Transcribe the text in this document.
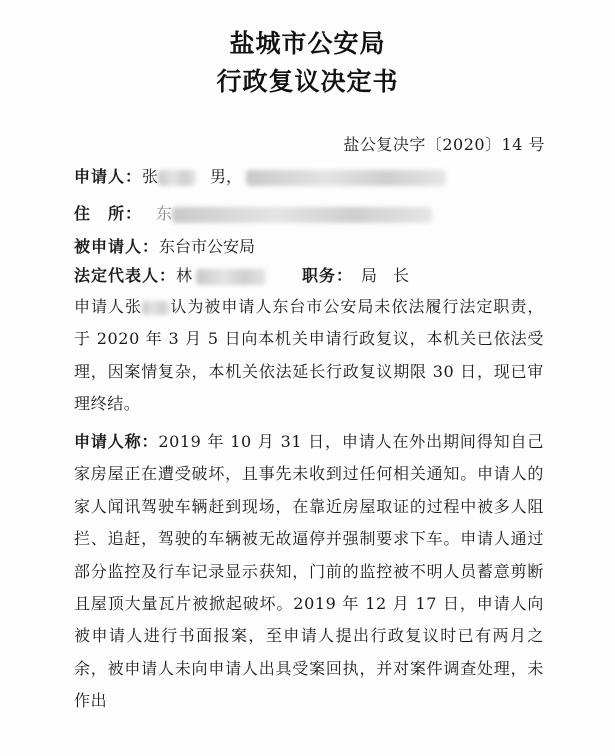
盐城市公安局
行政复议决定书
盐公复决字〔2020〕14 号
申请人：张	男，
住　所： 东
被申请人：东台市公安局
法定代表人：林	职务： 局　长
申请人张 认为被申请人东台市公安局未依法履行法定职责，于 2020 年 3 月 5 日向本机关申请行政复议，本机关已依法受理，因案情复杂，本机关依法延长行政复议期限 30 日，现已审理终结。
申请人称：2019 年 10 月 31 日，申请人在外出期间得知自己家房屋正在遭受破坏，且事先未收到过任何相关通知。申请人的家人闻讯驾驶车辆赶到现场，在靠近房屋取证的过程中被多人阻拦、追赶，驾驶的车辆被无故逼停并强制要求下车。申请人通过部分监控及行车记录显示获知，门前的监控被不明人员蓄意剪断且屋顶大量瓦片被掀起破坏。2019 年 12 月 17 日，申请人向被申请人进行书面报案，至申请人提出行政复议时已有两月之余，被申请人未向申请人出具受案回执，并对案件调查处理，未作出
